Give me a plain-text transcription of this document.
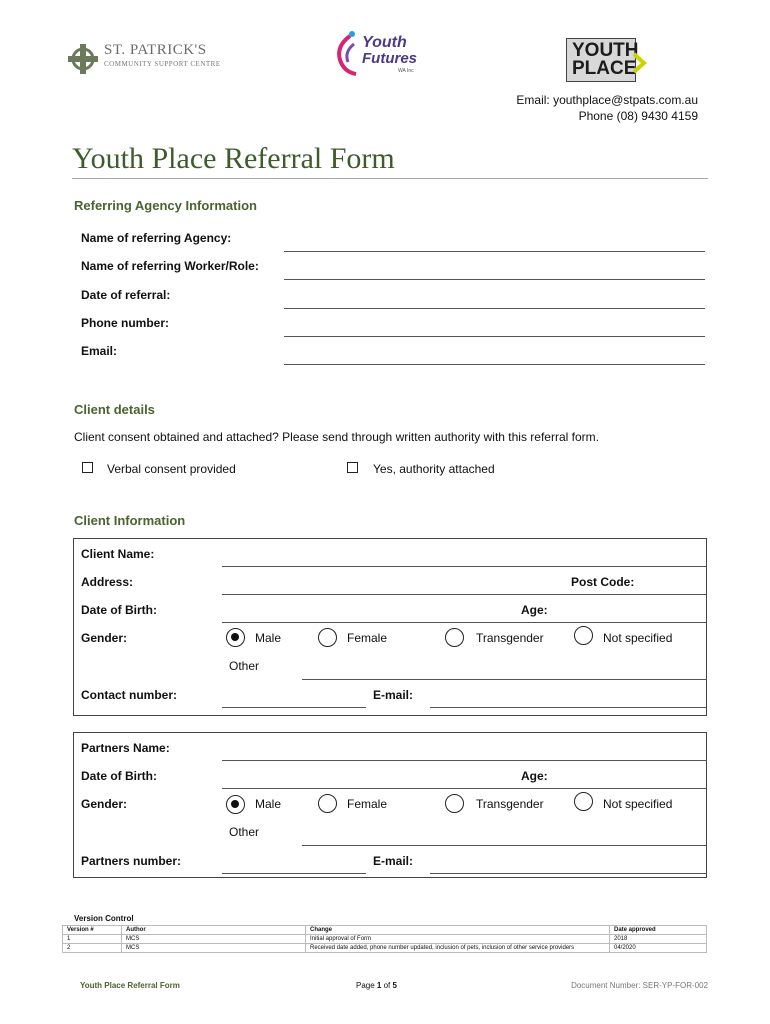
ST. PATRICK'S
COMMUNITY SUPPORT CENTRE
Youth
Futures
WA Inc
YOUTH
PLACE
Email: youthplace@stpats.com.au
Phone (08) 9430 4159
Youth Place Referral Form
Referring Agency Information
Name of referring Agency:
Name of referring Worker/Role:
Date of referral:
Phone number:
Email:
Client details
Client consent obtained and attached? Please send through written authority with this referral form.
Verbal consent provided	Yes, authority attached
Client Information
Client Name:
Address:	Post Code:
Date of Birth:	Age:
Gender:	Male	Female	Transgender	Not specified
Other
Contact number:	E-mail:
Partners Name:
Date of Birth:	Age:
Gender:	Male	Female	Transgender	Not specified
Other
Partners number:	E-mail:
Version Control
Version #	Author	Change	Date approved
1	MCS	Initial approval of Form	2018
2	MCS	Received date added, phone number updated, inclusion of pets, inclusion of other service providers	04/2020
Youth Place Referral Form	Page 1 of 5	Document Number: SER-YP-FOR-002
